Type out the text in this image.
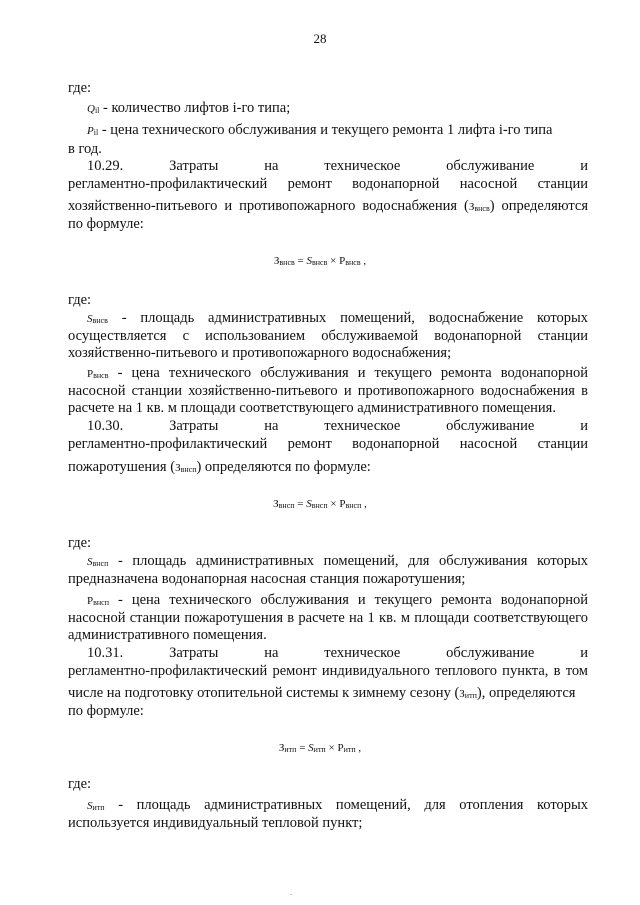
28
где:
Qil - количество лифтов i-го типа;
Pil - цена технического обслуживания и текущего ремонта 1 лифта i-го типа
в год.
10.29. Затраты на техническое обслуживание и
регламентно-профилактический ремонт водонапорной насосной станции
хозяйственно-питьевого и противопожарного водоснабжения (Звнсв) определяются
по формуле:
Звнсв = Sвнсв × Pвнсв ,
где:
Sвнсв - площадь административных помещений, водоснабжение которых
осуществляется с использованием обслуживаемой водонапорной станции
хозяйственно-питьевого и противопожарного водоснабжения;
Pвнсв - цена технического обслуживания и текущего ремонта водонапорной
насосной станции хозяйственно-питьевого и противопожарного водоснабжения в
расчете на 1 кв. м площади соответствующего административного помещения.
10.30. Затраты на техническое обслуживание и
регламентно-профилактический ремонт водонапорной насосной станции
пожаротушения (Звнсп) определяются по формуле:
Звнсп = Sвнсп × Pвнсп ,
где:
Sвнсп - площадь административных помещений, для обслуживания которых
предназначена водонапорная насосная станция пожаротушения;
Pвнсп - цена технического обслуживания и текущего ремонта водонапорной
насосной станции пожаротушения в расчете на 1 кв. м площади соответствующего
административного помещения.
10.31. Затраты на техническое обслуживание и
регламентно-профилактический ремонт индивидуального теплового пункта, в том
числе на подготовку отопительной системы к зимнему сезону (Зитп), определяются
по формуле:
Зитп = Sитп × Pитп ,
где:
Sитп - площадь административных помещений, для отопления которых
используется индивидуальный тепловой пункт;
.
